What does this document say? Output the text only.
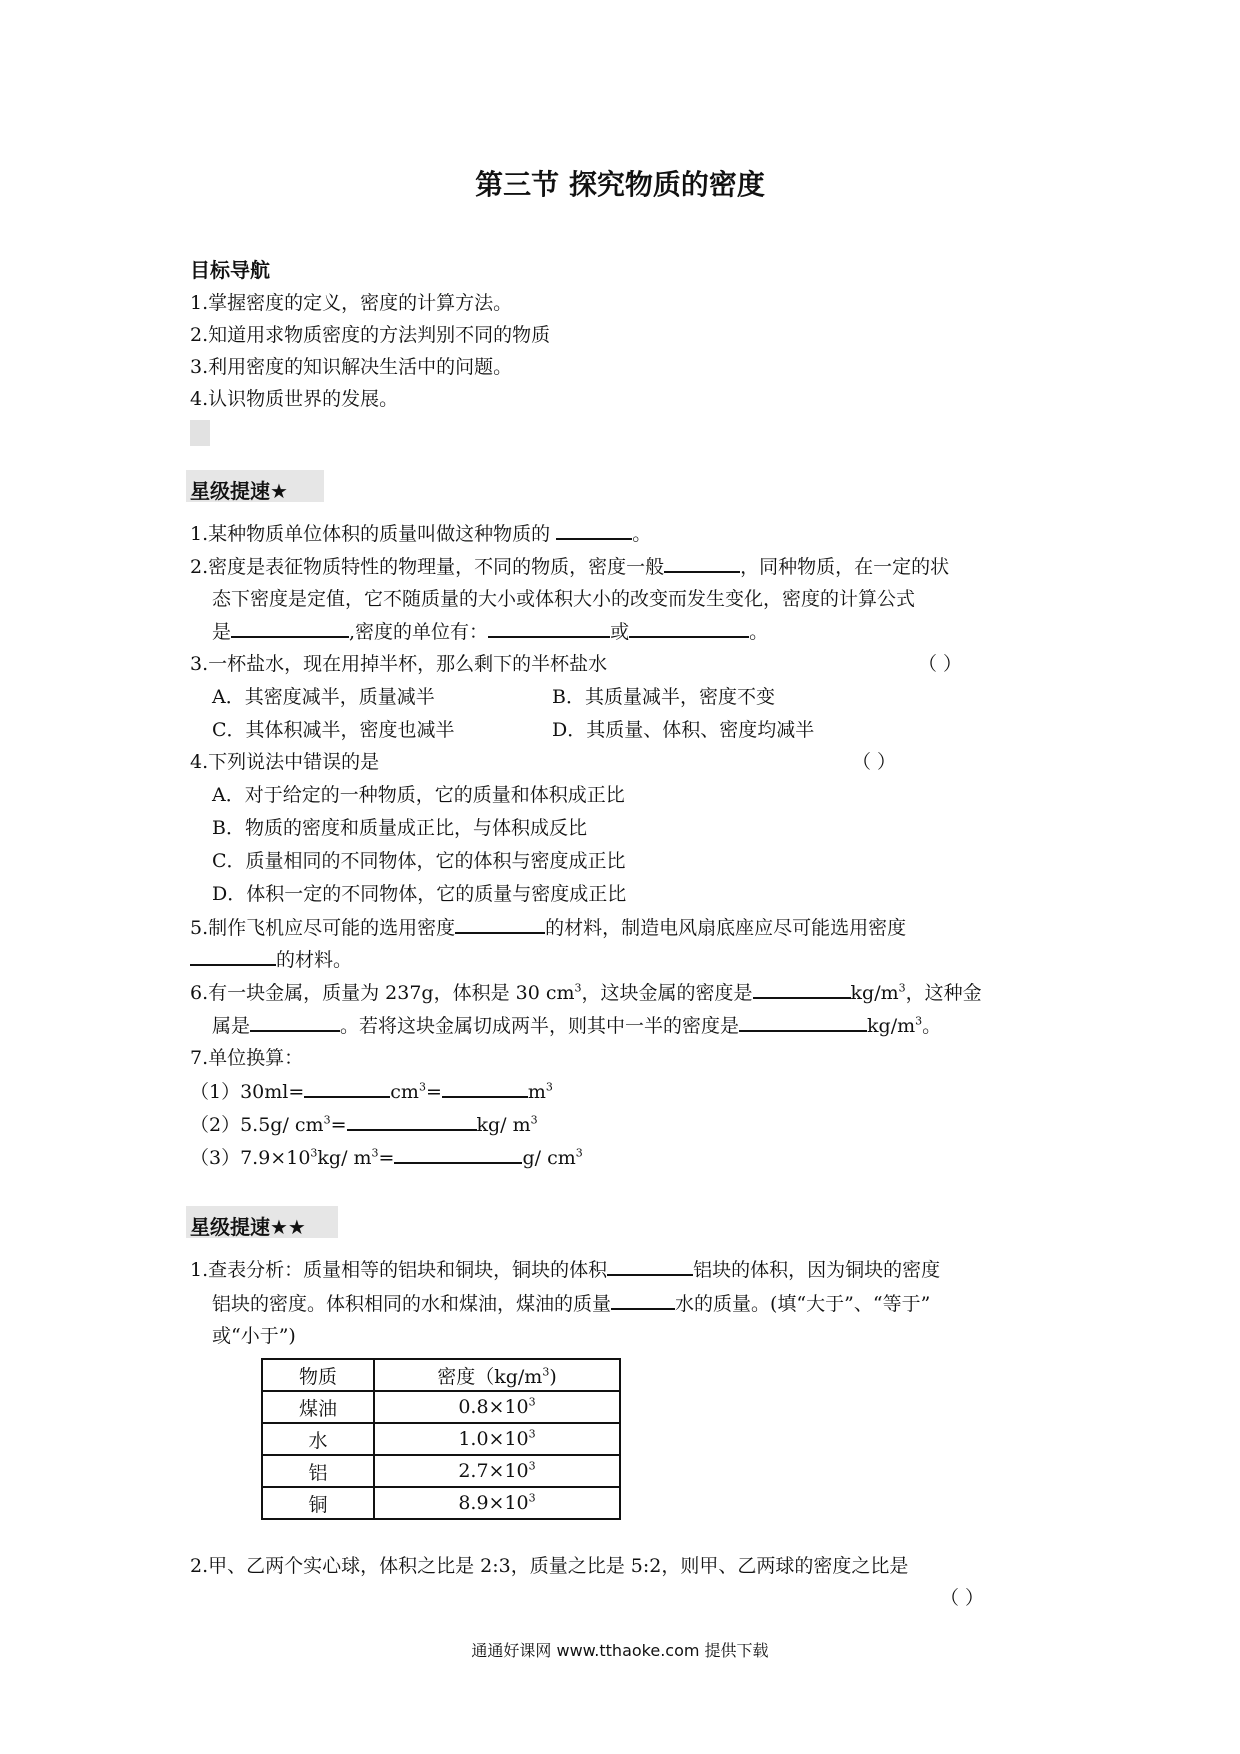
第三节 探究物质的密度
目标导航
1.掌握密度的定义，密度的计算方法。
2.知道用求物质密度的方法判别不同的物质
3.利用密度的知识解决生活中的问题。
4.认识物质世界的发展。
星级提速★
1.某种物质单位体积的质量叫做这种物质的	。
2.密度是表征物质特性的物理量，不同的物质，密度一般	，同种物质，在一定的状
态下密度是定值，它不随质量的大小或体积大小的改变而发生变化，密度的计算公式
是	,密度的单位有：	或	。
3.一杯盐水，现在用掉半杯，那么剩下的半杯盐水	（ ）
A．其密度减半，质量减半	B．其质量减半，密度不变
C．其体积减半，密度也减半	D．其质量、体积、密度均减半
4.下列说法中错误的是	（ ）
A．对于给定的一种物质，它的质量和体积成正比
B．物质的密度和质量成正比，与体积成反比
C．质量相同的不同物体，它的体积与密度成正比
D．体积一定的不同物体，它的质量与密度成正比
5.制作飞机应尽可能的选用密度	的材料，制造电风扇底座应尽可能选用密度
的材料。
6.有一块金属，质量为 237g，体积是 30 $cm^3$，这块金属的密度是	$kg/m^3$，这种金
属是	。若将这块金属切成两半，则其中一半的密度是	$kg/m^3$。
7.单位换算：
（1）30ml=	$cm^3=$	$m^3$
（2）5.5g/ $cm^3=$	kg/ $m^3$
$(3)7.9\times 10^3kg/$ $m^3=$	g/ $cm^3$
星级提速★★
1.查表分析：质量相等的铝块和铜块，铜块的体积	铝块的体积，因为铜块的密度
铝块的密度。体积相同的水和煤油，煤油的质量	水的质量。(填“大于”、“等于”
或“小于”)
物质	密度$(kg/m^3)$
煤油	$0.8\times 10^3$
水	$1.0\times 10^3$
铝	$2.7\times 10^3$
铜	$8.9\times 10^3$
2.甲、乙两个实心球，体积之比是 2:3，质量之比是 5:2，则甲、乙两球的密度之比是
（ ）
通通好课网 www.tthaoke.com 提供下载
